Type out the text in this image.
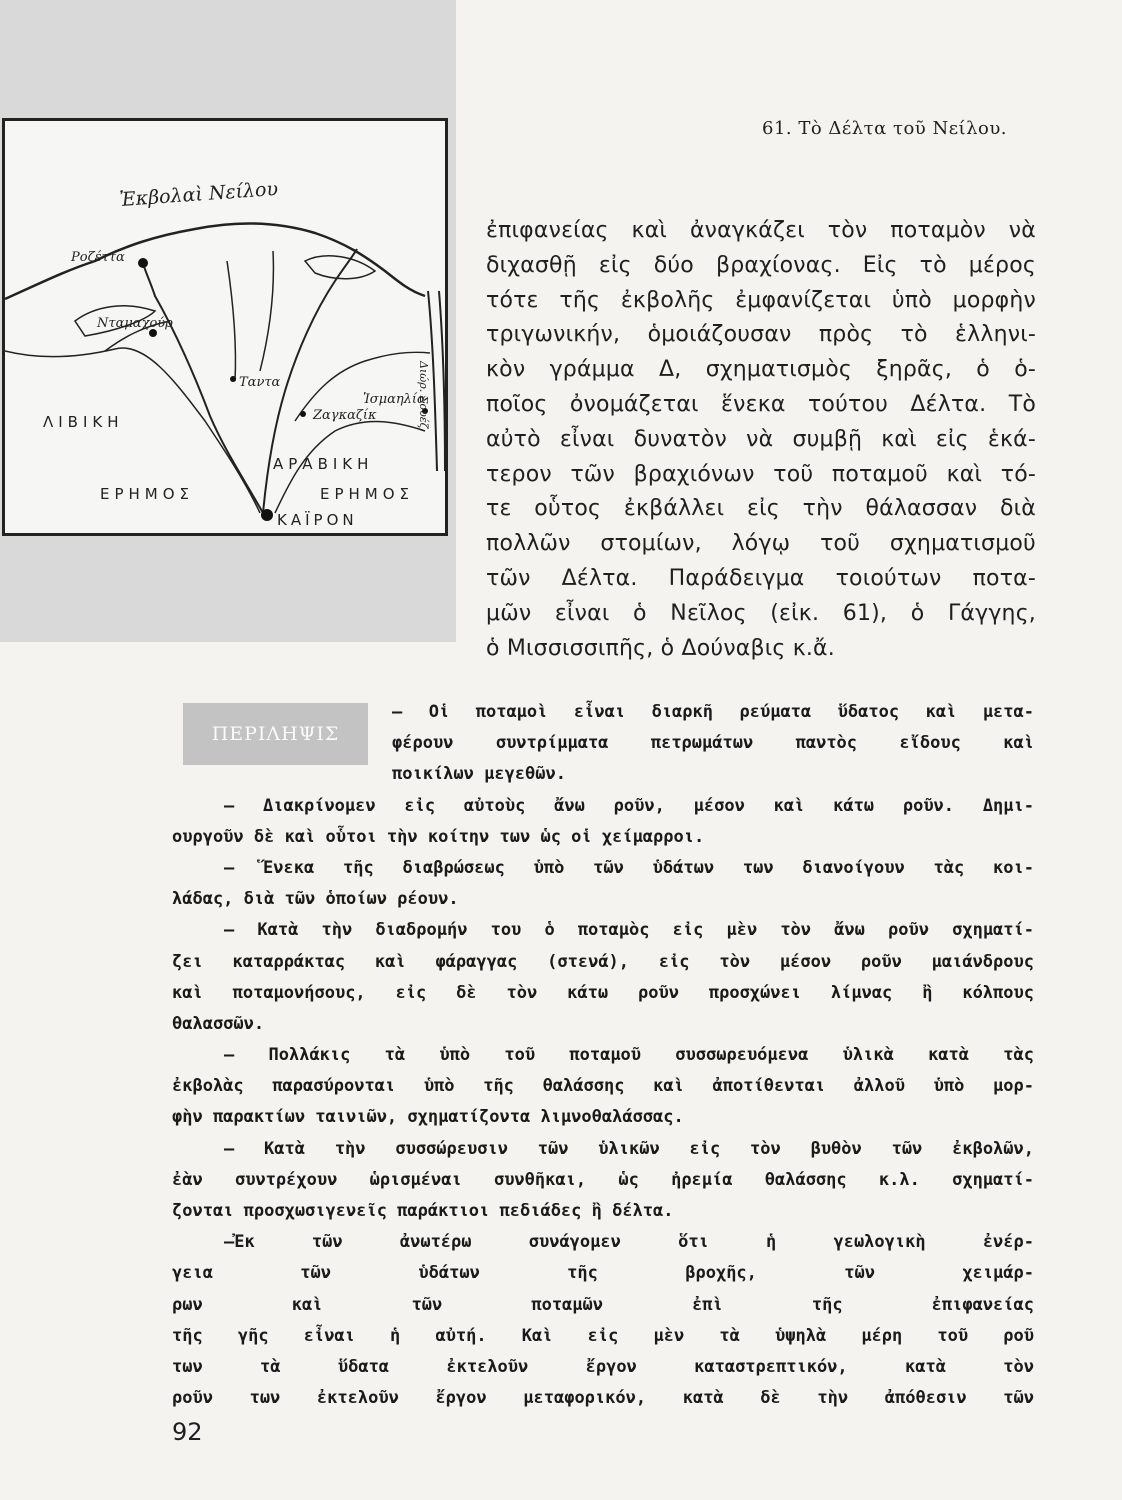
Ἐκβολαὶ Νείλου
Ροζέττα
Νταμαχούρ
Ταντα
Ἰσμαηλία
Ζαγκαζίκ	Διώρ. Σουέζ
ΛΙΒΙΚΗ
ΕΡΗΜΟΣ
ΑΡΑΒΙΚΗ
ΕΡΗΜΟΣ
ΚΑΪΡΟΝ
61. Τὸ Δέλτα τοῦ Νείλου.
ἐπιφανείας καὶ ἀναγκάζει τὸν ποταμὸν νὰ
διχασθῇ εἰς δύο βραχίονας. Εἰς τὸ μέρος
τότε τῆς ἐκβολῆς ἐμφανίζεται ὑπὸ μορφὴν
τριγωνικήν, ὁμοιάζουσαν πρὸς τὸ ἑλληνι-
κὸν γράμμα Δ, σχηματισμὸς ξηρᾶς, ὁ ὁ-
ποῖος ὀνομάζεται ἕνεκα τούτου Δέλτα. Τὸ
αὐτὸ εἶναι δυνατὸν νὰ συμβῇ καὶ εἰς ἑκά-
τερον τῶν βραχιόνων τοῦ ποταμοῦ καὶ τό-
τε οὗτος ἐκβάλλει εἰς τὴν θάλασσαν διὰ
πολλῶν στομίων, λόγῳ τοῦ σχηματισμοῦ
τῶν Δέλτα. Παράδειγμα τοιούτων ποτα-
μῶν εἶναι ὁ Νεῖλος (εἰκ. 61), ὁ Γάγγης,
ὁ Μισσισσιπῆς, ὁ Δούναβις κ.ἄ.
ΠΕΡΙΛΗΨΙΣ
— Οἱ ποταμοὶ εἶναι διαρκῆ ρεύματα ὕδατος καὶ μετα-
φέρουν συντρίμματα πετρωμάτων παντὸς εἴδους καὶ
ποικίλων μεγεθῶν.
— Διακρίνομεν εἰς αὐτοὺς ἄνω ροῦν, μέσον καὶ κάτω ροῦν. Δημι-
ουργοῦν δὲ καὶ οὗτοι τὴν κοίτην των ὡς οἱ χείμαρροι.
— Ἕνεκα τῆς διαβρώσεως ὑπὸ τῶν ὑδάτων των διανοίγουν τὰς κοι-
λάδας, διὰ τῶν ὁποίων ρέουν.
— Κατὰ τὴν διαδρομήν του ὁ ποταμὸς εἰς μὲν τὸν ἄνω ροῦν σχηματί-
ζει καταρράκτας καὶ φάραγγας (στενά), εἰς τὸν μέσον ροῦν μαιάνδρους
καὶ ποταμονήσους, εἰς δὲ τὸν κάτω ροῦν προσχώνει λίμνας ἢ κόλπους
θαλασσῶν.
— Πολλάκις τὰ ὑπὸ τοῦ ποταμοῦ συσσωρευόμενα ὑλικὰ κατὰ τὰς
ἐκβολὰς παρασύρονται ὑπὸ τῆς θαλάσσης καὶ ἀποτίθενται ἀλλοῦ ὑπὸ μορ-
φὴν παρακτίων ταινιῶν, σχηματίζοντα λιμνοθαλάσσας.
— Κατὰ τὴν συσσώρευσιν τῶν ὑλικῶν εἰς τὸν βυθὸν τῶν ἐκβολῶν,
ἐὰν συντρέχουν ὡρισμέναι συνθῆκαι, ὡς ἠρεμία θαλάσσης κ.λ. σχηματί-
ζονται προσχωσιγενεῖς παράκτιοι πεδιάδες ἢ δέλτα.
—Ἐκ τῶν ἀνωτέρω συνάγομεν ὅτι ἡ γεωλογικὴ ἐνέρ-
γεια τῶν ὑδάτων τῆς βροχῆς, τῶν χειμάρ-
ρων καὶ τῶν ποταμῶν ἐπὶ τῆς ἐπιφανείας
τῆς γῆς εἶναι ἡ αὐτή. Καὶ εἰς μὲν τὰ ὑψηλὰ μέρη τοῦ ροῦ
των τὰ ὕδατα ἐκτελοῦν ἔργον καταστρεπτικόν, κατὰ τὸν
ροῦν των ἐκτελοῦν ἔργον μεταφορικόν, κατὰ δὲ τὴν ἀπόθεσιν τῶν
92
